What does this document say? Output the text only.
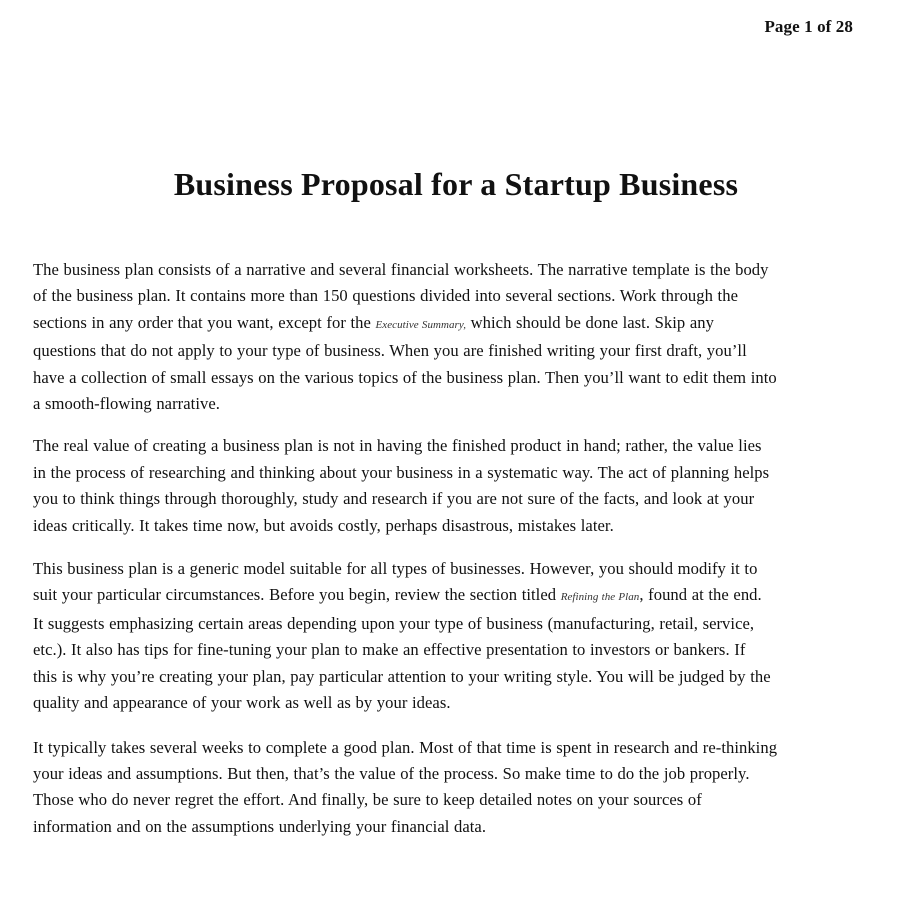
Page 1 of 28
Business Proposal for a Startup Business

The business plan consists of a narrative and several financial worksheets. The narrative template is the body
of the business plan. It contains more than 150 questions divided into several sections. Work through the
sections in any order that you want, except for the Executive Summary, which should be done last. Skip any
questions that do not apply to your type of business. When you are finished writing your first draft, you’ll
have a collection of small essays on the various topics of the business plan. Then you’ll want to edit them into
a smooth-flowing narrative.

The real value of creating a business plan is not in having the finished product in hand; rather, the value lies
in the process of researching and thinking about your business in a systematic way. The act of planning helps
you to think things through thoroughly, study and research if you are not sure of the facts, and look at your
ideas critically. It takes time now, but avoids costly, perhaps disastrous, mistakes later.

This business plan is a generic model suitable for all types of businesses. However, you should modify it to
suit your particular circumstances. Before you begin, review the section titled Refining the Plan, found at the end.
It suggests emphasizing certain areas depending upon your type of business (manufacturing, retail, service,
etc.). It also has tips for fine-tuning your plan to make an effective presentation to investors or bankers. If
this is why you’re creating your plan, pay particular attention to your writing style. You will be judged by the
quality and appearance of your work as well as by your ideas.

It typically takes several weeks to complete a good plan. Most of that time is spent in research and re-thinking
your ideas and assumptions. But then, that’s the value of the process. So make time to do the job properly.
Those who do never regret the effort. And finally, be sure to keep detailed notes on your sources of
information and on the assumptions underlying your financial data.
